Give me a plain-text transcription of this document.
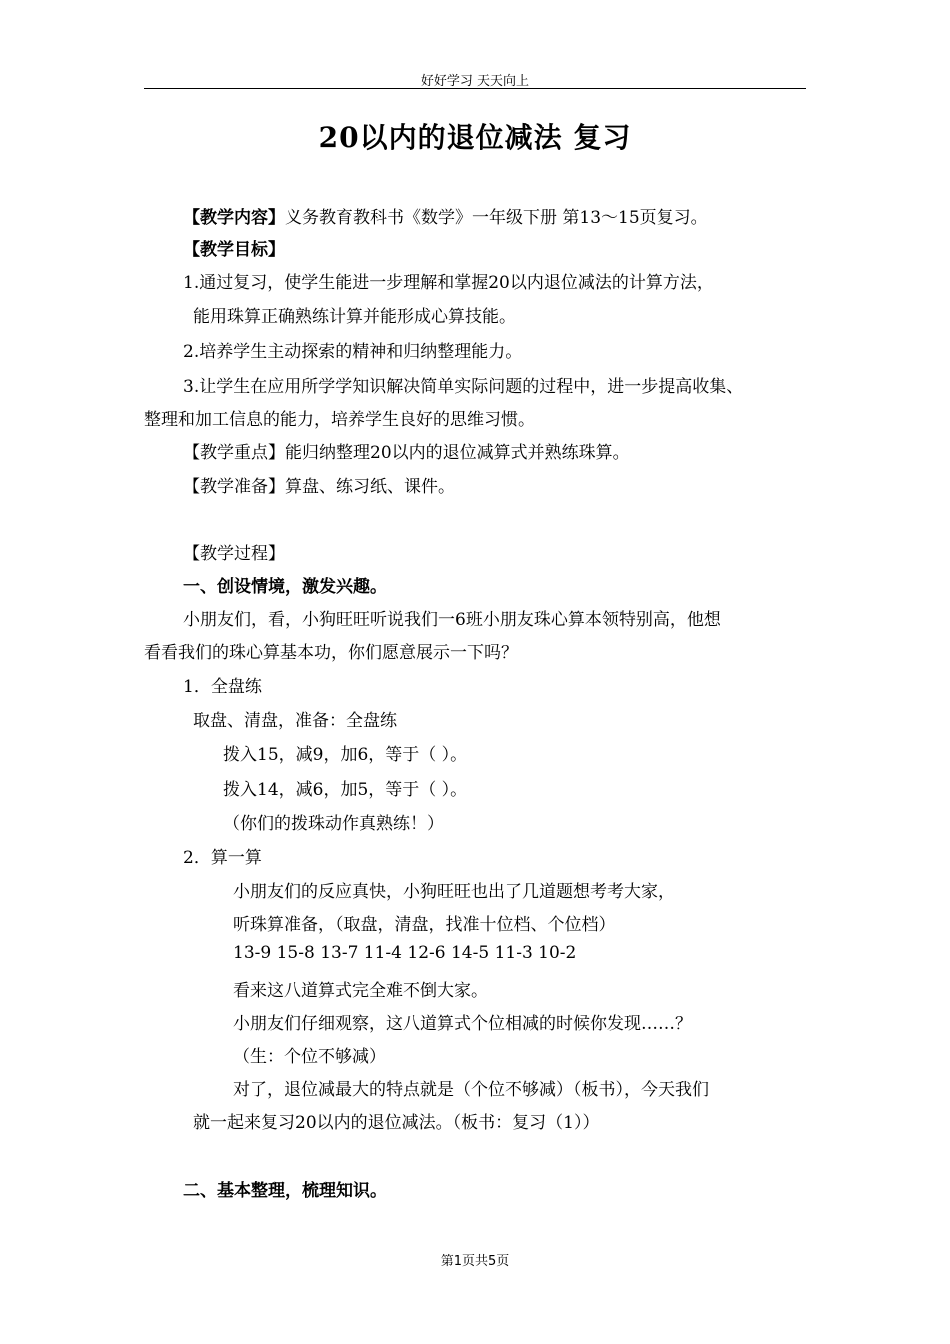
好好学习 天天向上
20以内的退位减法 复习
【教学内容】义务教育教科书《数学》一年级下册 第13～15页复习。
【教学目标】
1.通过复习，使学生能进一步理解和掌握20以内退位减法的计算方法，
能用珠算正确熟练计算并能形成心算技能。
2.培养学生主动探索的精神和归纳整理能力。
3.让学生在应用所学学知识解决简单实际问题的过程中，进一步提高收集、
整理和加工信息的能力，培养学生良好的思维习惯。
【教学重点】能归纳整理20以内的退位减算式并熟练珠算。
【教学准备】算盘、练习纸、课件。
【教学过程】
一、创设情境，激发兴趣。
小朋友们，看，小狗旺旺听说我们一6班小朋友珠心算本领特别高，他想
看看我们的珠心算基本功，你们愿意展示一下吗？
1．全盘练
取盘、清盘，准备：全盘练
拨入15，减9，加6，等于（ ）。
拨入14，减6，加5，等于（ ）。
（你们的拨珠动作真熟练！）
2．算一算
小朋友们的反应真快，小狗旺旺也出了几道题想考考大家，
听珠算准备，（取盘，清盘，找准十位档、个位档）
13-9 15-8 13-7 11-4 12-6 14-5 11-3 10-2
看来这八道算式完全难不倒大家。
小朋友们仔细观察，这八道算式个位相减的时候你发现……？
（生：个位不够减）
对了，退位减最大的特点就是（个位不够减）（板书），今天我们
就一起来复习20以内的退位减法。（板书：复习（1））
二、基本整理，梳理知识。
第1页共5页
